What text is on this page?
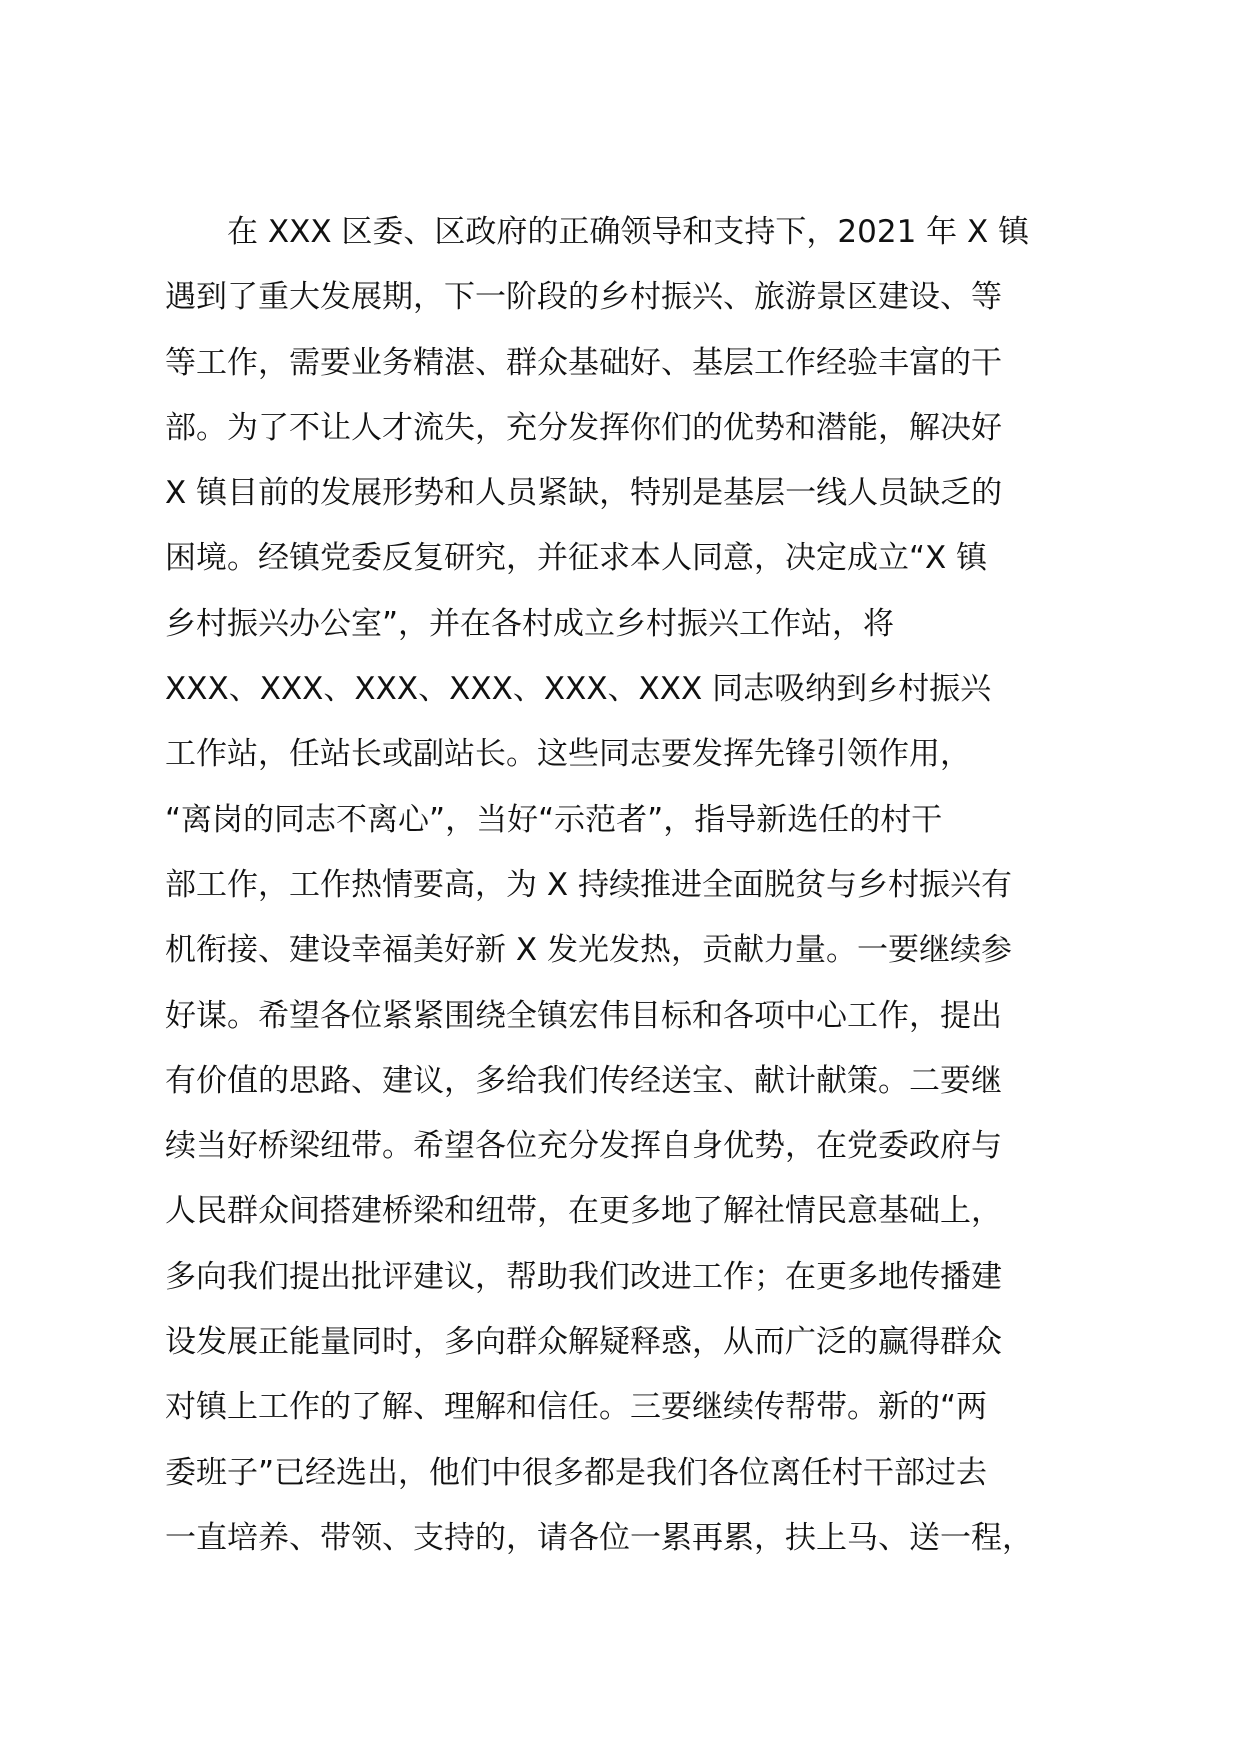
　　在 XXX 区委、区政府的正确领导和支持下，2021 年 X 镇
遇到了重大发展期，下一阶段的乡村振兴、旅游景区建设、等
等工作，需要业务精湛、群众基础好、基层工作经验丰富的干
部。为了不让人才流失，充分发挥你们的优势和潜能，解决好
X 镇目前的发展形势和人员紧缺，特别是基层一线人员缺乏的
困境。经镇党委反复研究，并征求本人同意，决定成立“X 镇
乡村振兴办公室”，并在各村成立乡村振兴工作站，将
XXX、XXX、XXX、XXX、XXX、XXX 同志吸纳到乡村振兴
工作站，任站长或副站长。这些同志要发挥先锋引领作用，
“离岗的同志不离心”，当好“示范者”，指导新选任的村干
部工作，工作热情要高，为 X 持续推进全面脱贫与乡村振兴有
机衔接、建设幸福美好新 X 发光发热，贡献力量。一要继续参
好谋。希望各位紧紧围绕全镇宏伟目标和各项中心工作，提出
有价值的思路、建议，多给我们传经送宝、献计献策。二要继
续当好桥梁纽带。希望各位充分发挥自身优势，在党委政府与
人民群众间搭建桥梁和纽带，在更多地了解社情民意基础上，
多向我们提出批评建议，帮助我们改进工作；在更多地传播建
设发展正能量同时，多向群众解疑释惑，从而广泛的赢得群众
对镇上工作的了解、理解和信任。三要继续传帮带。新的“两
委班子”已经选出，他们中很多都是我们各位离任村干部过去
一直培养、带领、支持的，请各位一累再累，扶上马、送一程，
